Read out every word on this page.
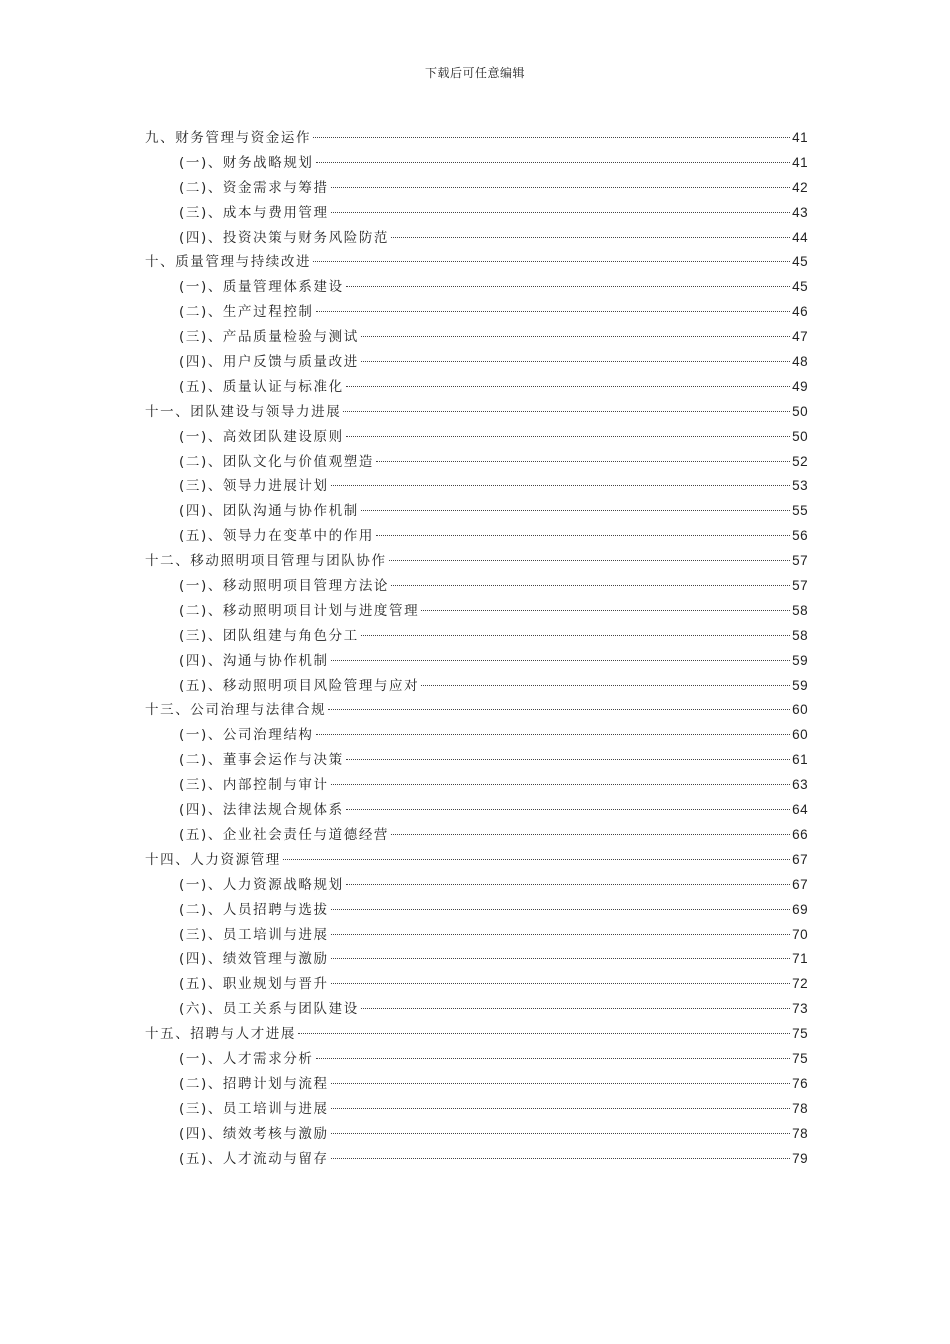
下载后可任意编辑
九、财务管理与资金运作	41
(一)、财务战略规划	41
(二)、资金需求与筹措	42
(三)、成本与费用管理	43
(四)、投资决策与财务风险防范	44
十、质量管理与持续改进	45
(一)、质量管理体系建设	45
(二)、生产过程控制	46
(三)、产品质量检验与测试	47
(四)、用户反馈与质量改进	48
(五)、质量认证与标准化	49
十一、团队建设与领导力进展	50
(一)、高效团队建设原则	50
(二)、团队文化与价值观塑造	52
(三)、领导力进展计划	53
(四)、团队沟通与协作机制	55
(五)、领导力在变革中的作用	56
十二、移动照明项目管理与团队协作	57
(一)、移动照明项目管理方法论	57
(二)、移动照明项目计划与进度管理	58
(三)、团队组建与角色分工	58
(四)、沟通与协作机制	59
(五)、移动照明项目风险管理与应对	59
十三、公司治理与法律合规	60
(一)、公司治理结构	60
(二)、董事会运作与决策	61
(三)、内部控制与审计	63
(四)、法律法规合规体系	64
(五)、企业社会责任与道德经营	66
十四、人力资源管理	67
(一)、人力资源战略规划	67
(二)、人员招聘与选拔	69
(三)、员工培训与进展	70
(四)、绩效管理与激励	71
(五)、职业规划与晋升	72
(六)、员工关系与团队建设	73
十五、招聘与人才进展	75
(一)、人才需求分析	75
(二)、招聘计划与流程	76
(三)、员工培训与进展	78
(四)、绩效考核与激励	78
(五)、人才流动与留存	79
